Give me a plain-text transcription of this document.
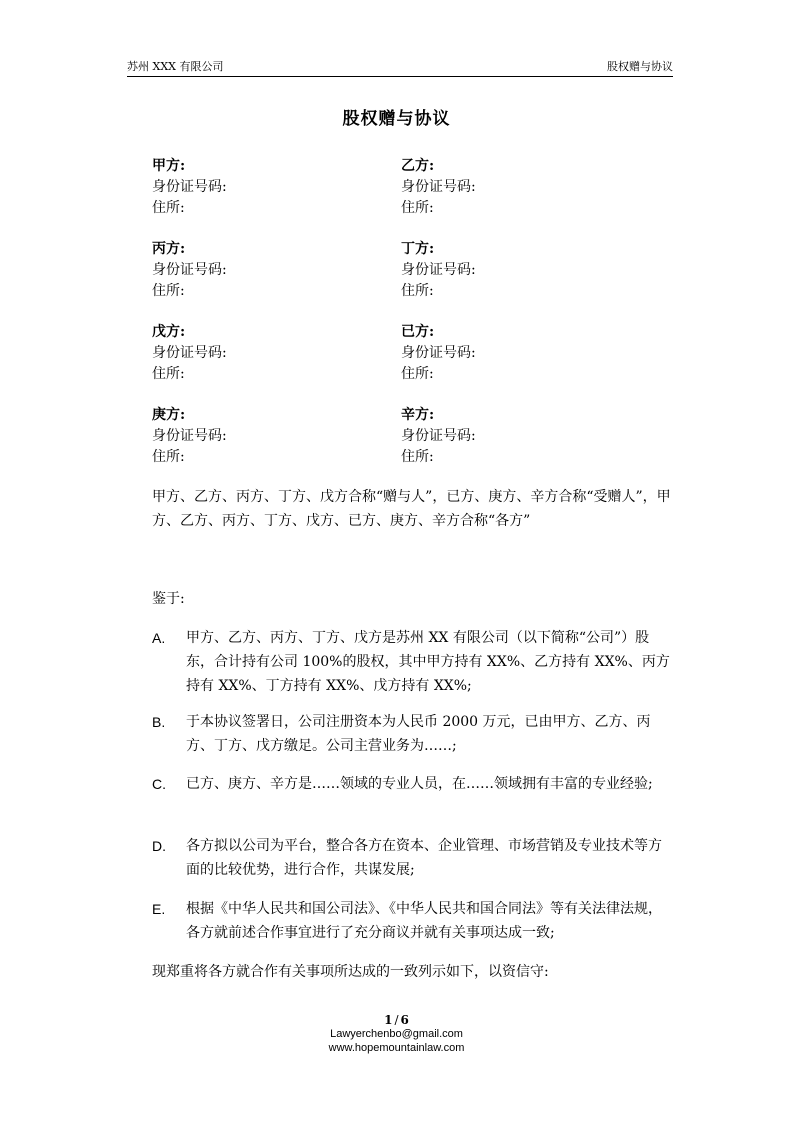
苏州 XXX 有限公司	股权赠与协议
股权赠与协议
甲方:
身份证号码:
住所:
乙方:
身份证号码:
住所:
丙方:
身份证号码:
住所:
丁方:
身份证号码:
住所:
戊方:
身份证号码:
住所:
已方:
身份证号码:
住所:
庚方:
身份证号码:
住所:
辛方:
身份证号码:
住所:
甲方、乙方、丙方、丁方、戊方合称“赠与人”，已方、庚方、辛方合称“受赠人”，甲方、乙方、丙方、丁方、戊方、已方、庚方、辛方合称“各方”
鉴于:
A. 甲方、乙方、丙方、丁方、戊方是苏州 XX 有限公司（以下简称“公司”）股东，合计持有公司 100%的股权，其中甲方持有 XX%、乙方持有 XX%、丙方持有 XX%、丁方持有 XX%、戊方持有 XX%;
B. 于本协议签署日，公司注册资本为人民币 2000 万元，已由甲方、乙方、丙方、丁方、戊方缴足。公司主营业务为……;
C. 已方、庚方、辛方是……领域的专业人员，在……领域拥有丰富的专业经验;
D. 各方拟以公司为平台，整合各方在资本、企业管理、市场营销及专业技术等方面的比较优势，进行合作，共谋发展;
E. 根据《中华人民共和国公司法》、《中华人民共和国合同法》等有关法律法规，各方就前述合作事宜进行了充分商议并就有关事项达成一致;
现郑重将各方就合作有关事项所达成的一致列示如下，以资信守:
1 / 6
Lawyerchenbo@gmail.com
www.hopemountainlaw.com
